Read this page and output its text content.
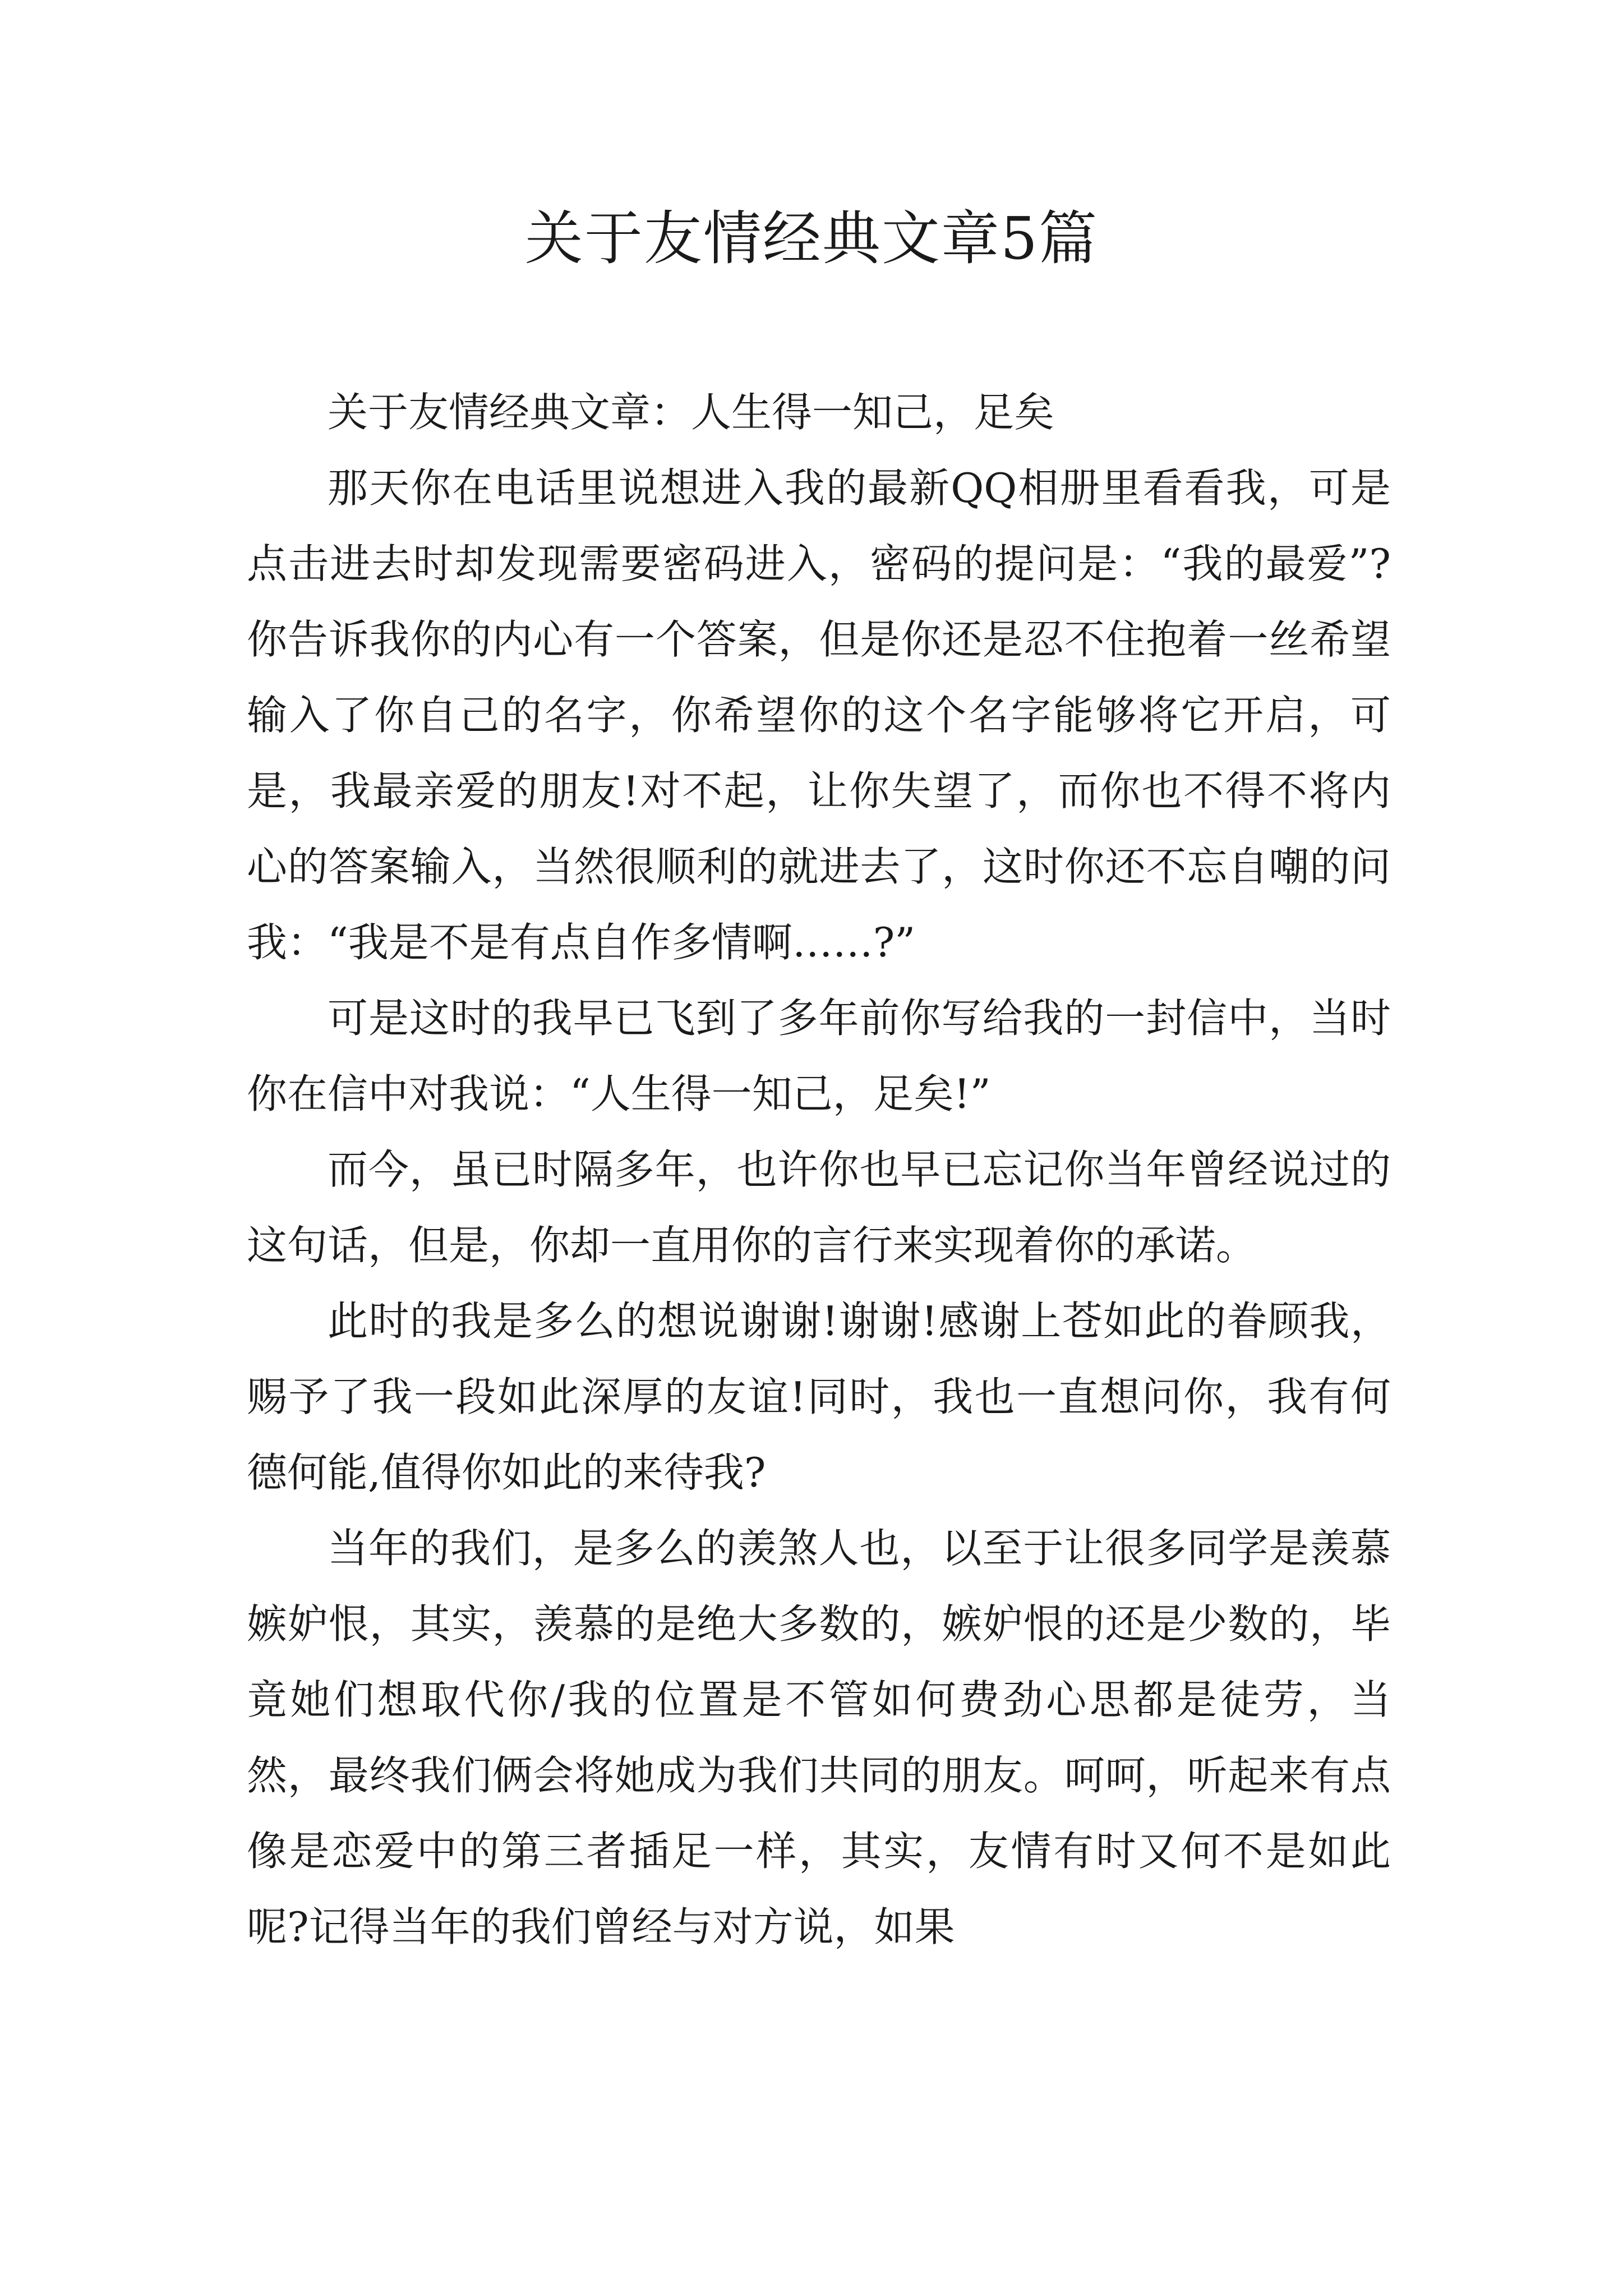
关于友情经典文章5篇

关于友情经典文章：人生得一知己，足矣

那天你在电话里说想进入我的最新QQ相册里看看我，可是点击进去时却发现需要密码进入，密码的提问是：“我的最爱”?你告诉我你的内心有一个答案，但是你还是忍不住抱着一丝希望输入了你自己的名字，你希望你的这个名字能够将它开启，可是，我最亲爱的朋友!对不起，让你失望了，而你也不得不将内心的答案输入，当然很顺利的就进去了，这时你还不忘自嘲的问我：“我是不是有点自作多情啊……?”

可是这时的我早已飞到了多年前你写给我的一封信中，当时你在信中对我说：“人生得一知己，足矣!”

而今，虽已时隔多年，也许你也早已忘记你当年曾经说过的这句话，但是，你却一直用你的言行来实现着你的承诺。

此时的我是多么的想说谢谢!谢谢!感谢上苍如此的眷顾我，赐予了我一段如此深厚的友谊!同时，我也一直想问你，我有何德何能,值得你如此的来待我?

当年的我们，是多么的羡煞人也，以至于让很多同学是羡慕嫉妒恨，其实，羡慕的是绝大多数的，嫉妒恨的还是少数的，毕竟她们想取代你/我的位置是不管如何费劲心思都是徒劳，当然，最终我们俩会将她成为我们共同的朋友。呵呵，听起来有点像是恋爱中的第三者插足一样，其实，友情有时又何不是如此呢?记得当年的我们曾经与对方说，如果
